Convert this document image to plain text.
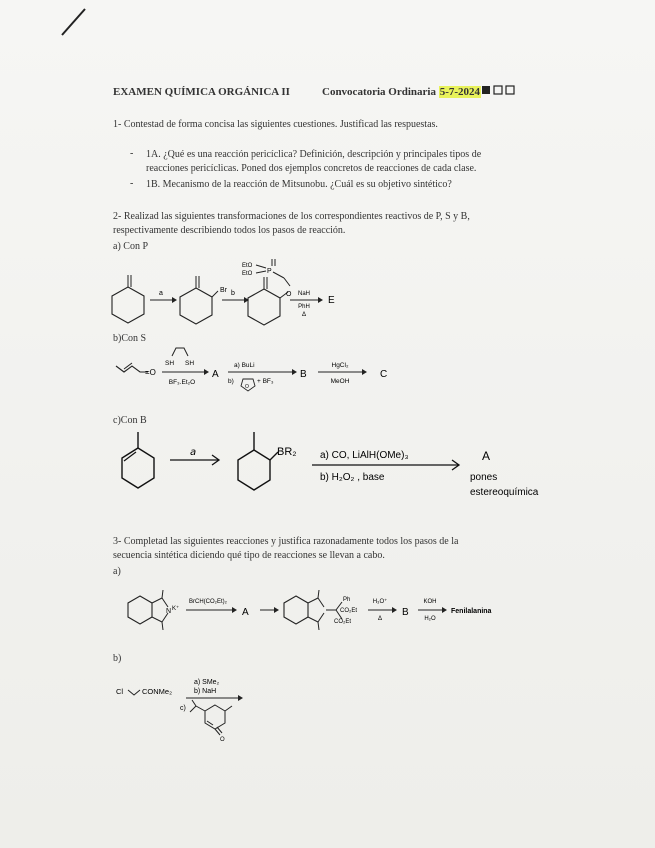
EXAMEN QUÍMICA ORGÁNICA II	Convocatoria Ordinaria 5-7-2024
1- Contestad de forma concisa las siguientes cuestiones. Justificad las respuestas.
- 1A. ¿Qué es una reacción pericíclica? Definición, descripción y principales tipos de
reacciones pericíclicas. Poned dos ejemplos concretos de reacciones de cada clase.
- 1B. Mecanismo de la reacción de Mitsunobu. ¿Cuál es su objetivo sintético?
2- Realizad las siguientes transformaciones de los correspondientes reactivos de P, S y B,
respectivamente describiendo todos los pasos de reacción.
a) Con P
a	Br b	O
P
EtO
EtO
NaH
PhH
Δ
E
b)Con S
=O
SH SH
BF₃.Et₂O
A
a) BuLi
b)
O
+ BF₃
B
HgCl₂
MeOH
C
c)Con B
a	BR₂ a) CO, LiAlH(OMe)₃
b) H₂O₂ , base
A
pones
estereoquímica
3- Completad las siguientes reacciones y justifica razonadamente todos los pasos de la
secuencia sintética diciendo qué tipo de reacciones se llevan a cabo.
a)
N K⁺
BrCH(CO₂Et)₂
A
Ph
CO₂Et
CO₂Et
H₃O⁺
Δ
B
KOH
H₂O
Fenilalanina
b)
Cl	CONMe₂
a) SMe₂
b) NaH
c)
O
